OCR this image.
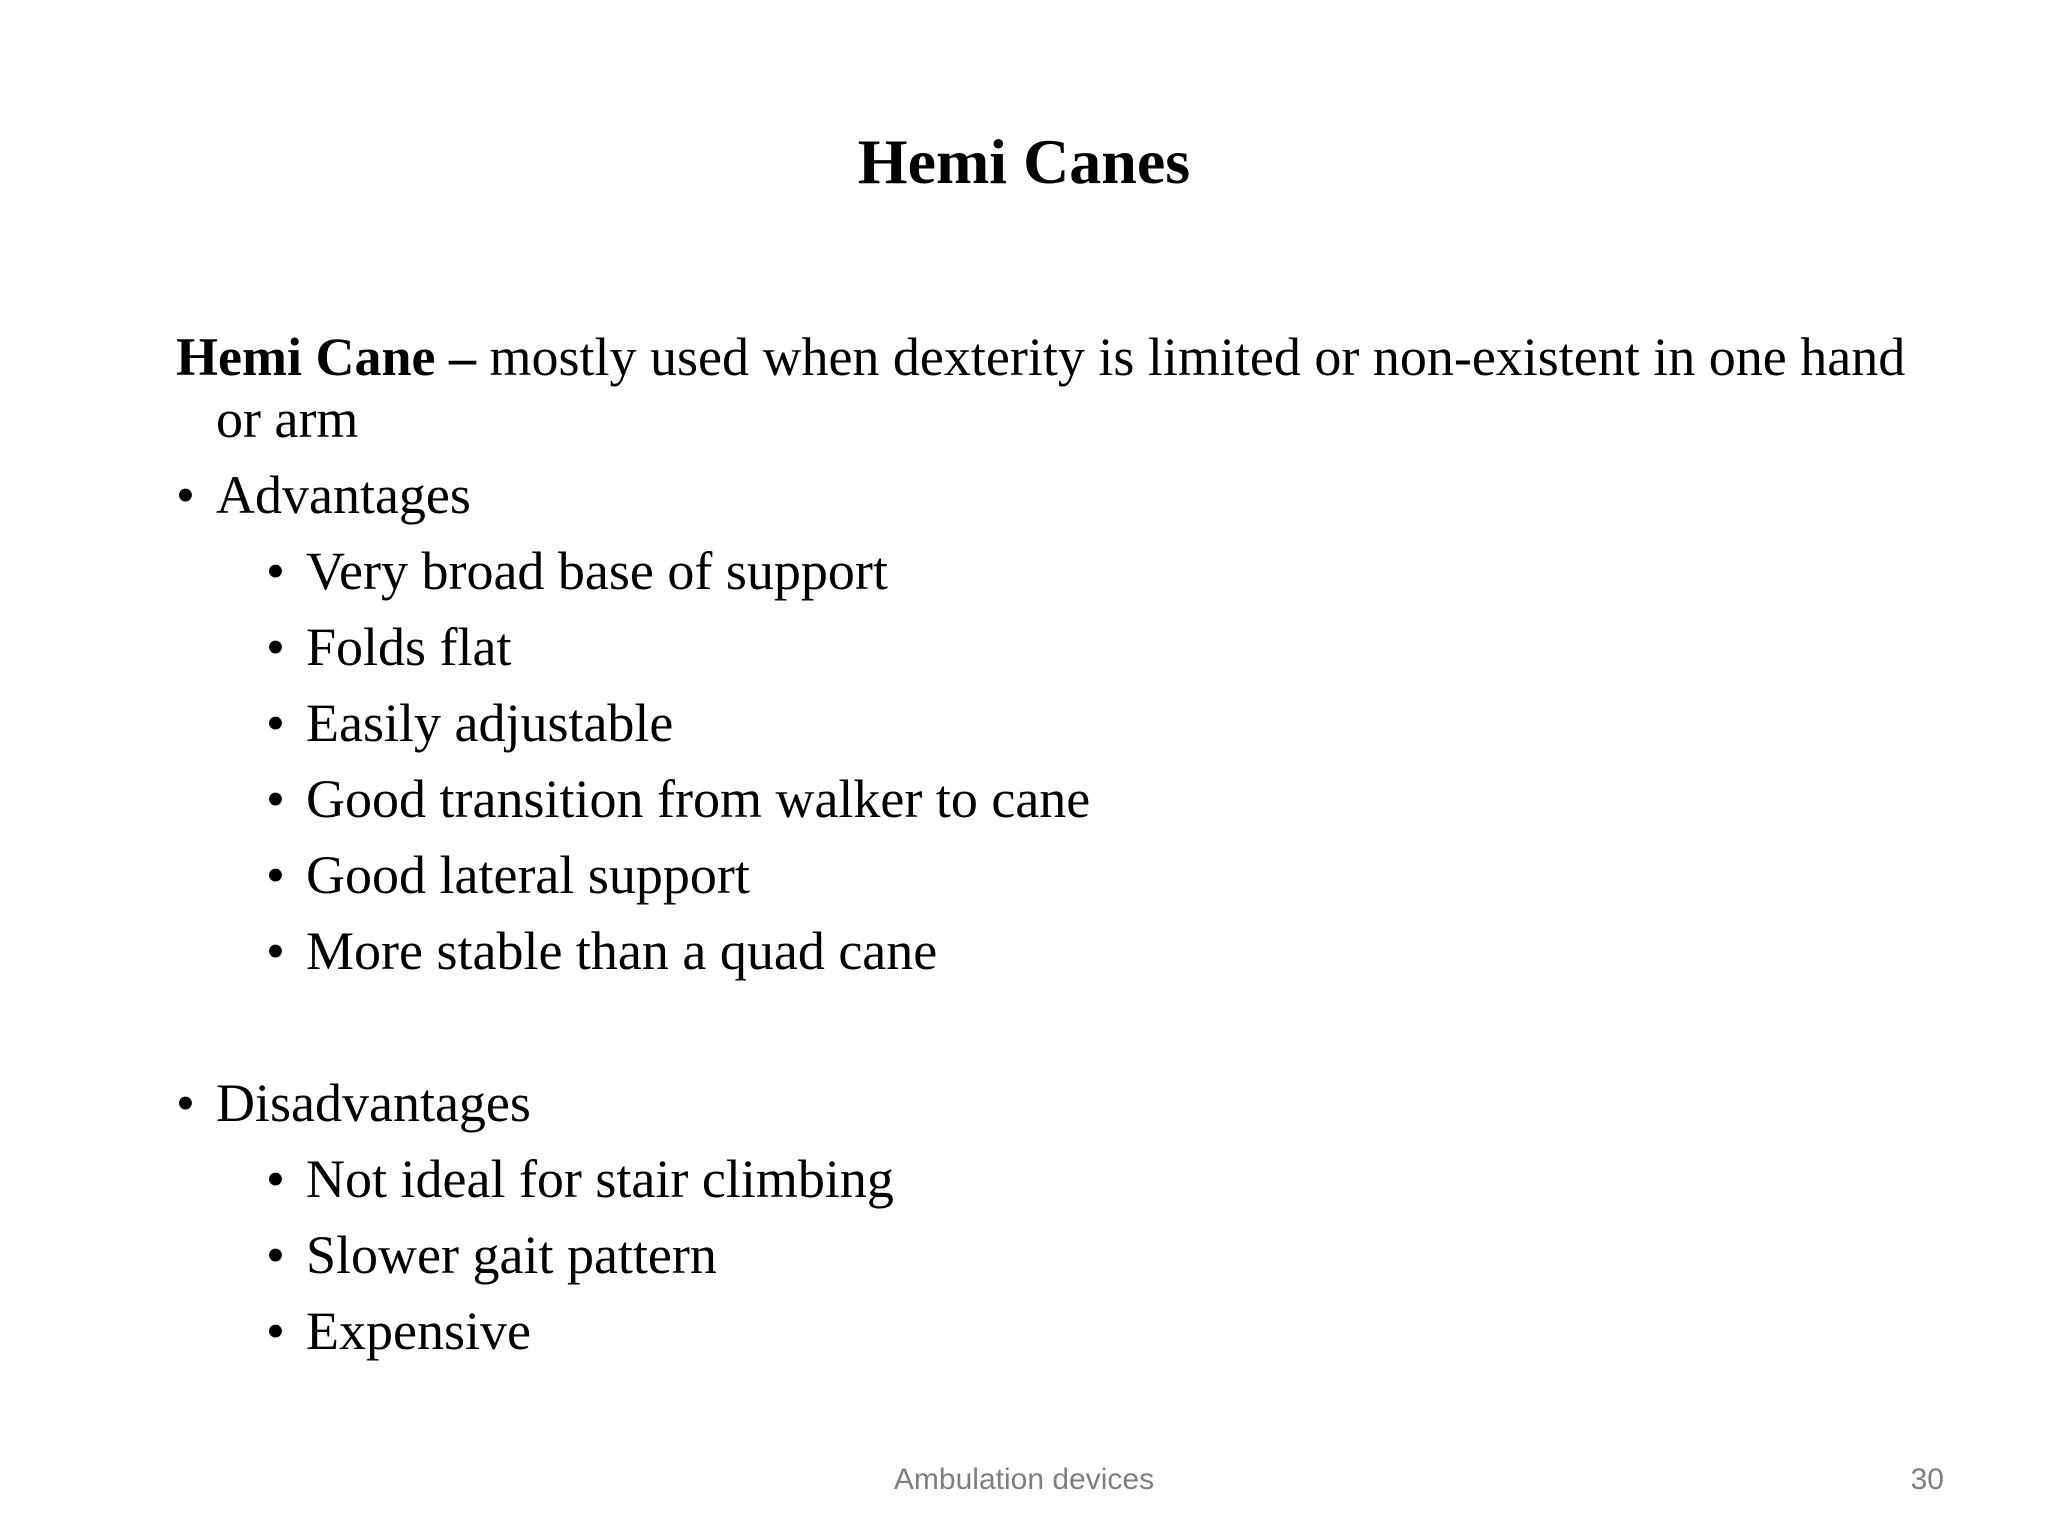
Hemi Canes

Hemi Cane – mostly used when dexterity is limited or non-existent in one hand or arm

• Advantages
• Very broad base of support
• Folds flat
• Easily adjustable
• Good transition from walker to cane
• Good lateral support
• More stable than a quad cane
• Disadvantages
• Not ideal for stair climbing
• Slower gait pattern
• Expensive
Ambulation devices	30
